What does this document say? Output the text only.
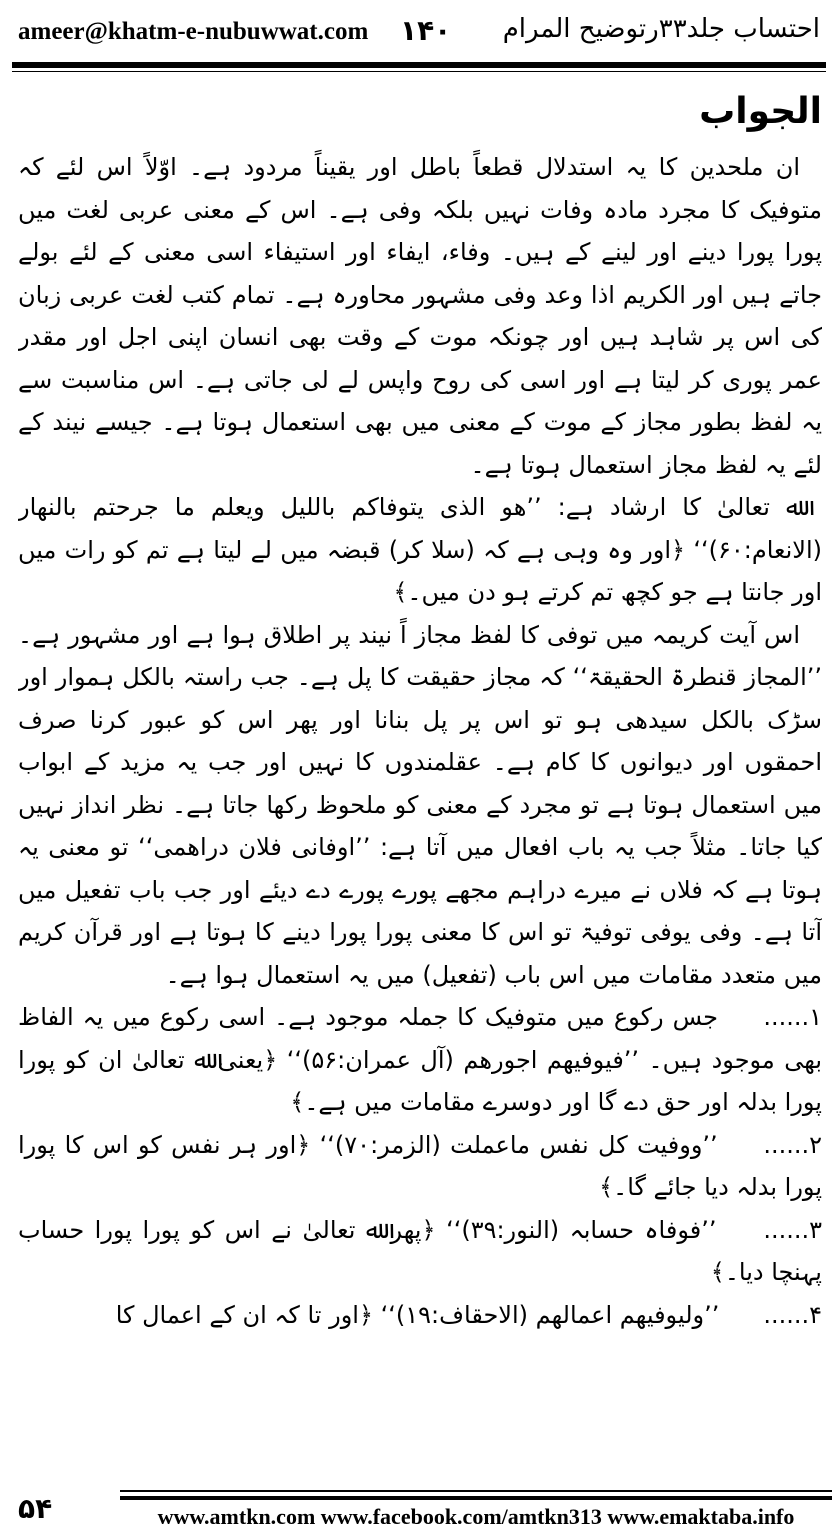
ameer@khatm-e-nubuwwat.com ۱۴۰ احتساب جلد۳۳رتوضیح المرام
الجواب

ان ملحدین کا یہ استدلال قطعاً باطل اور یقیناً مردود ہے۔ اوّلاً اس لئے کہ متوفیک کا مجرد مادہ وفات نہیں بلکہ وفی ہے۔ اس کے معنی عربی لغت میں پورا پورا دینے اور لینے کے ہیں۔ وفاء، ایفاء اور استیفاء اسی معنی کے لئے بولے جاتے ہیں اور الکریم اذا وعد وفی مشہور محاورہ ہے۔ تمام کتب لغت عربی زبان کی اس پر شاہد ہیں اور چونکہ موت کے وقت بھی انسان اپنی اجل اور مقدر عمر پوری کر لیتا ہے اور اسی کی روح واپس لے لی جاتی ہے۔ اس مناسبت سے یہ لفظ بطور مجاز کے موت کے معنی میں بھی استعمال ہوتا ہے۔ جیسے نیند کے لئے یہ لفظ مجاز استعمال ہوتا ہے۔

ﷲ تعالیٰ کا ارشاد ہے: ’’ھو الذی یتوفاکم باللیل ویعلم ما جرحتم بالنھار (الانعام:۶۰)‘‘ ﴿اور وہ وہی ہے کہ (سلا کر) قبضہ میں لے لیتا ہے تم کو رات میں اور جانتا ہے جو کچھ تم کرتے ہو دن میں۔﴾

اس آیت کریمہ میں توفی کا لفظ مجاز اً نیند پر اطلاق ہوا ہے اور مشہور ہے۔ ’’المجاز قنطرۃ الحقیقۃ‘‘ کہ مجاز حقیقت کا پل ہے۔ جب راستہ بالکل ہموار اور سڑک بالکل سیدھی ہو تو اس پر پل بنانا اور پھر اس کو عبور کرنا صرف احمقوں اور دیوانوں کا کام ہے۔ عقلمندوں کا نہیں اور جب یہ مزید کے ابواب میں استعمال ہوتا ہے تو مجرد کے معنی کو ملحوظ رکھا جاتا ہے۔ نظر انداز نہیں کیا جاتا۔ مثلاً جب یہ باب افعال میں آتا ہے: ’’اوفانی فلان دراھمی‘‘ تو معنی یہ ہوتا ہے کہ فلاں نے میرے دراہم مجھے پورے پورے دے دیئے اور جب باب تفعیل میں آتا ہے۔ وفی یوفی توفیۃ تو اس کا معنی پورا پورا دینے کا ہوتا ہے اور قرآن کریم میں متعدد مقامات میں اس باب (تفعیل) میں یہ استعمال ہوا ہے۔

۱...... جس رکوع میں متوفیک کا جملہ موجود ہے۔ اسی رکوع میں یہ الفاظ بھی موجود ہیں۔ ’’فیوفیھم اجورھم (آل عمران:۵۶)‘‘ ﴿یعنی ﷲ تعالیٰ ان کو پورا پورا بدلہ اور حق دے گا اور دوسرے مقامات میں ہے۔﴾

۲...... ’’ووفیت کل نفس ماعملت (الزمر:۷۰)‘‘ ﴿اور ہر نفس کو اس کا پورا پورا بدلہ دیا جائے گا۔﴾

۳...... ’’فوفاہ حسابہ (النور:۳۹)‘‘ ﴿پھر ﷲ تعالیٰ نے اس کو پورا پورا حساب پہنچا دیا۔﴾

۴...... ’’ولیوفیھم اعمالھم (الاحقاف:۱۹)‘‘ ﴿اور تا کہ ان کے اعمال کا

۵۴	www.amtkn.com www.facebook.com/amtkn313 www.emaktaba.info
